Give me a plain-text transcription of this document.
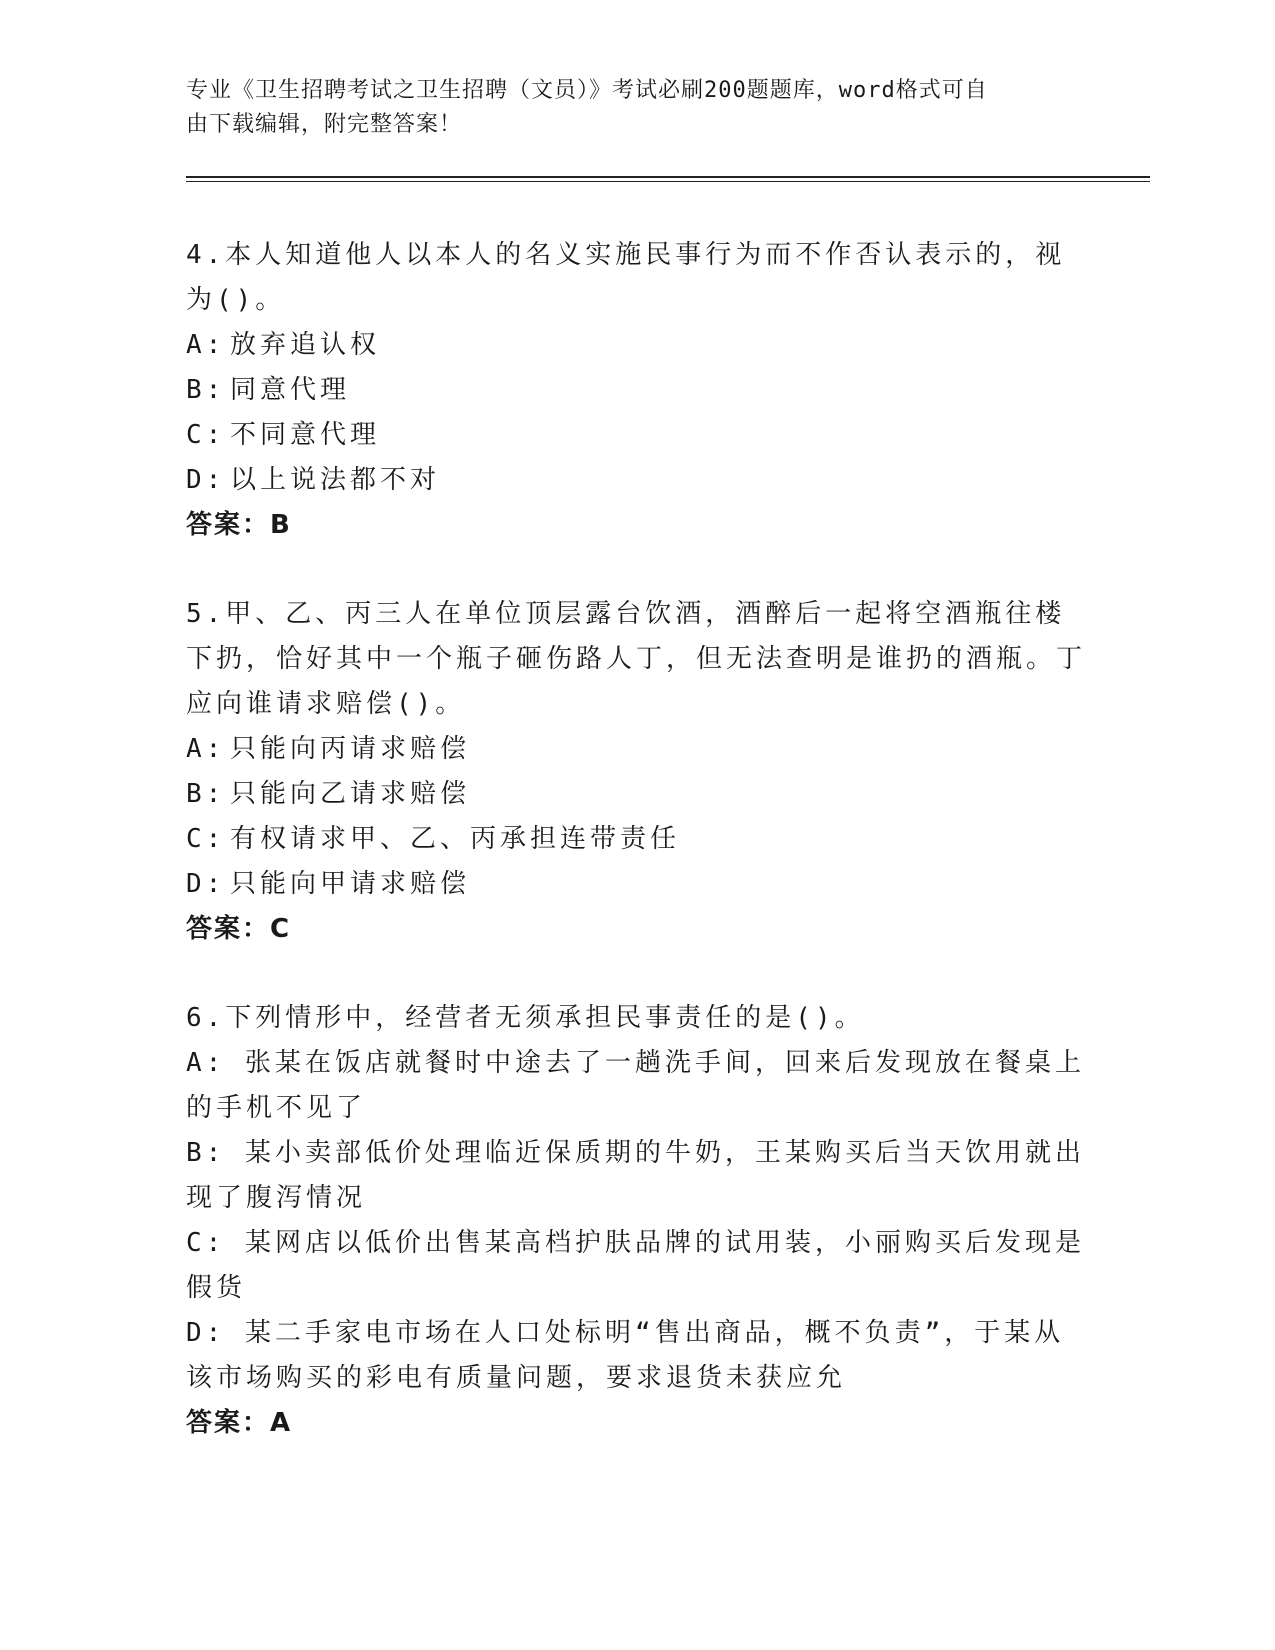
专业《卫生招聘考试之卫生招聘（文员）》考试必刷200题题库，word格式可自
由下载编辑，附完整答案！

4.本人知道他人以本人的名义实施民事行为而不作否认表示的，视为()。

A: 放弃追认权

B: 同意代理

C: 不同意代理

D: 以上说法都不对

答案：B

5.甲、乙、丙三人在单位顶层露台饮酒，酒醉后一起将空酒瓶往楼下扔，恰好其中一个瓶子砸伤路人丁，但无法查明是谁扔的酒瓶。丁应向谁请求赔偿()。

A: 只能向丙请求赔偿

B: 只能向乙请求赔偿

C: 有权请求甲、乙、丙承担连带责任

D: 只能向甲请求赔偿

答案：C

6.下列情形中，经营者无须承担民事责任的是()。

A: 张某在饭店就餐时中途去了一趟洗手间，回来后发现放在餐桌上的手机不见了

B: 某小卖部低价处理临近保质期的牛奶，王某购买后当天饮用就出现了腹泻情况

C: 某网店以低价出售某高档护肤品牌的试用装，小丽购买后发现是假货

D: 某二手家电市场在人口处标明“售出商品，概不负责”，于某从该市场购买的彩电有质量问题，要求退货未获应允

答案：A
